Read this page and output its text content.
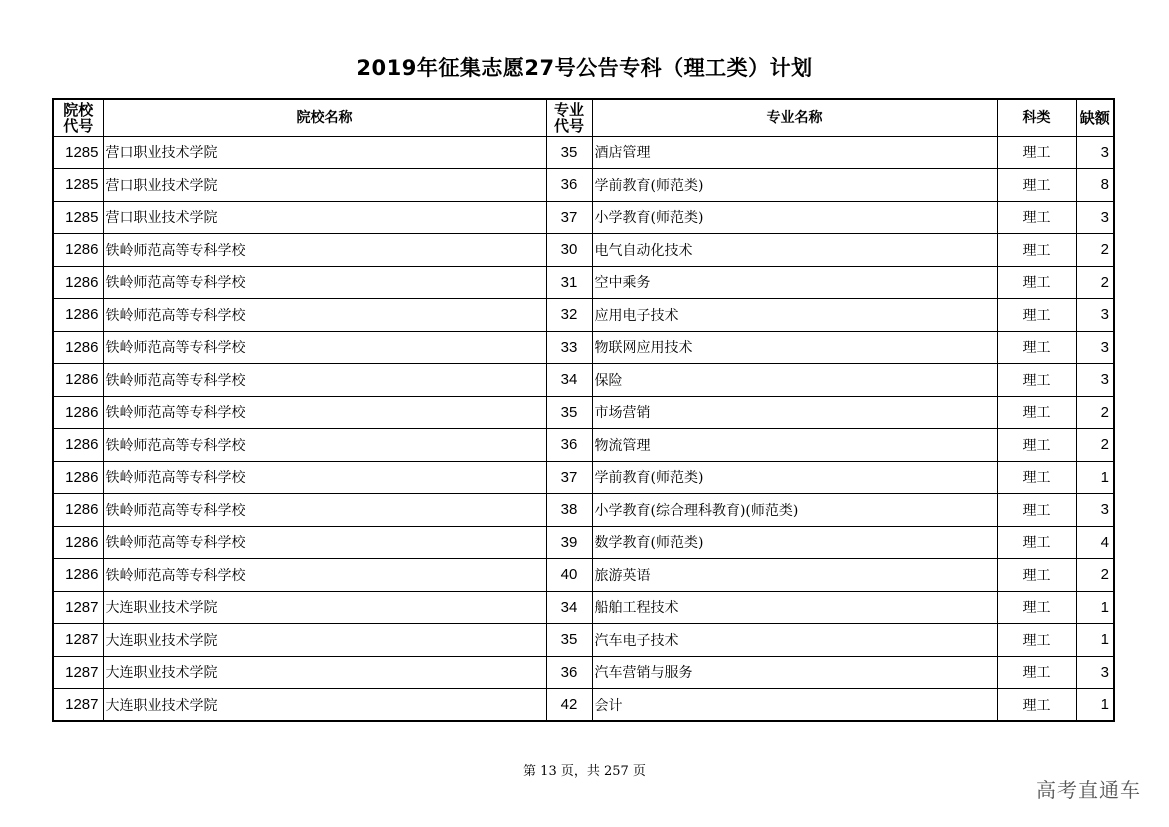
2019年征集志愿27号公告专科（理工类）计划
院校代号	院校名称	专业代号	专业名称	科类	缺额
1285	营口职业技术学院	35	酒店管理	理工	3
1285	营口职业技术学院	36	学前教育(师范类)	理工	8
1285	营口职业技术学院	37	小学教育(师范类)	理工	3
1286	铁岭师范高等专科学校	30	电气自动化技术	理工	2
1286	铁岭师范高等专科学校	31	空中乘务	理工	2
1286	铁岭师范高等专科学校	32	应用电子技术	理工	3
1286	铁岭师范高等专科学校	33	物联网应用技术	理工	3
1286	铁岭师范高等专科学校	34	保险	理工	3
1286	铁岭师范高等专科学校	35	市场营销	理工	2
1286	铁岭师范高等专科学校	36	物流管理	理工	2
1286	铁岭师范高等专科学校	37	学前教育(师范类)	理工	1
1286	铁岭师范高等专科学校	38	小学教育(综合理科教育)(师范类)	理工	3
1286	铁岭师范高等专科学校	39	数学教育(师范类)	理工	4
1286	铁岭师范高等专科学校	40	旅游英语	理工	2
1287	大连职业技术学院	34	船舶工程技术	理工	1
1287	大连职业技术学院	35	汽车电子技术	理工	1
1287	大连职业技术学院	36	汽车营销与服务	理工	3
1287	大连职业技术学院	42	会计	理工	1
第 13 页，共 257 页
高考直通车
